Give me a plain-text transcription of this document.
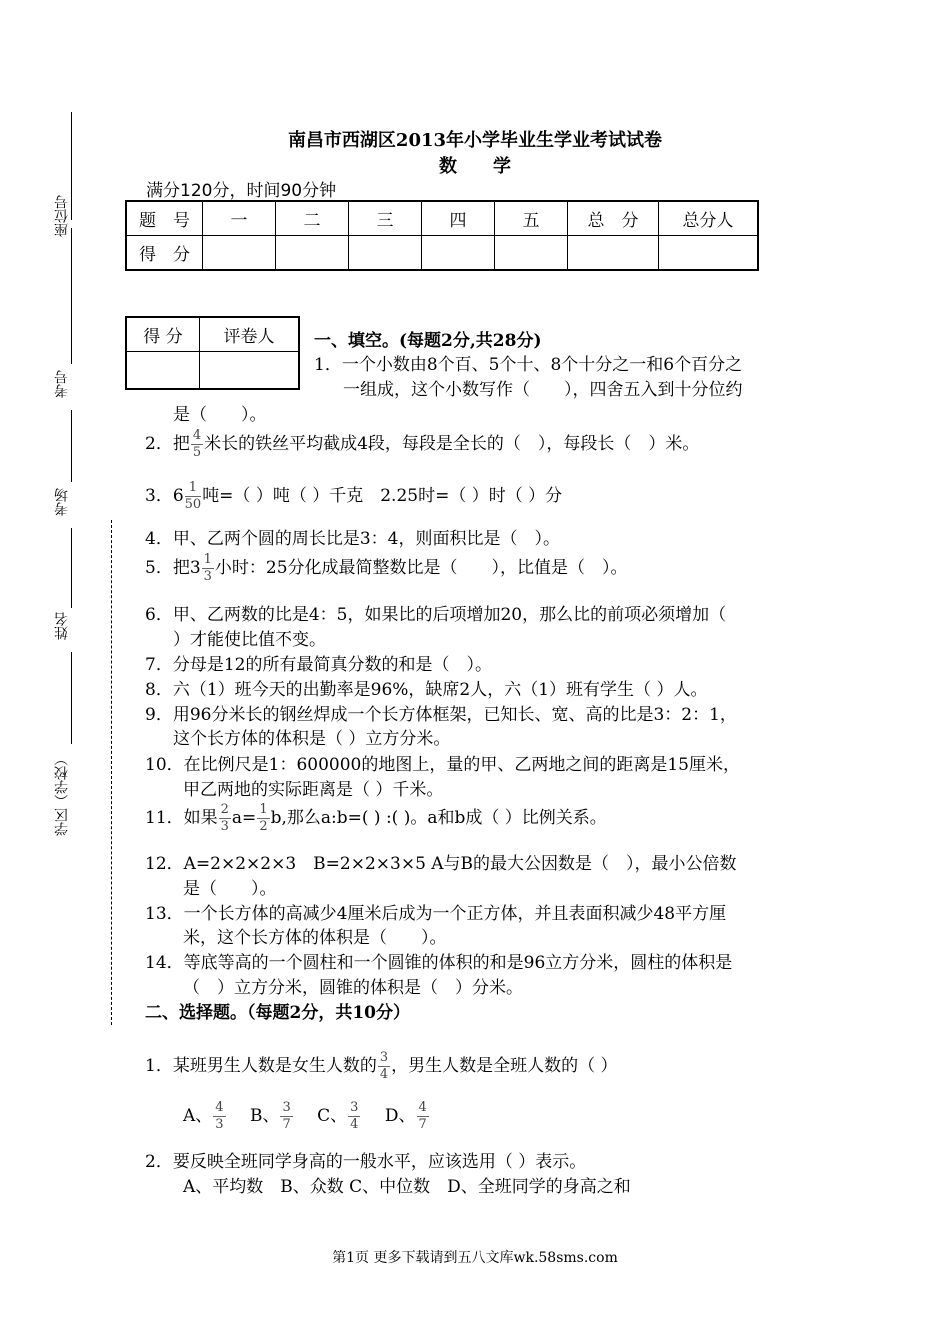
座位号
考号
考场
姓名
学区（学校）
南昌市西湖区2013年小学毕业生学业考试试卷
数　　学
满分120分，时间90分钟
题　号	一	二	三	四	五	总　分	总分人
得　分							
得 分	评卷人
	一、填空。(每题2分,共28分)
1．一个小数由8个百、5个十、8个十分之一和6个百分之
一组成，这个小数写作（　　），四舍五入到十分位约
是（　　）。
2．把 $\frac{4}{5}$ 米长的铁丝平均截成4段，每段是全长的（　），每段长（　）米。
3．$6 \frac{1}{50}$ 吨=（ ）吨（ ）千克　2.25时=（ ）时（ ）分
4．甲、乙两个圆的周长比是3：4，则面积比是（　）。
5．把$3 \frac{1}{3}$ 小时：25分化成最简整数比是（　　），比值是（　）。
6．甲、乙两数的比是4：5，如果比的后项增加20，那么比的前项必须增加（
）才能使比值不变。
7．分母是12的所有最简真分数的和是（　）。
8．六（1）班今天的出勤率是96%，缺席2人，六（1）班有学生（ ）人。
9．用96分米长的钢丝焊成一个长方体框架，已知长、宽、高的比是3：2：1，
这个长方体的体积是（ ）立方分米。
10．在比例尺是1：600000的地图上，量的甲、乙两地之间的距离是15厘米，
甲乙两地的实际距离是（ ）千米。
11．如果 $\frac{2}{3} a= \frac{1}{2} b$,那么a:b=( ) :( )。a和b成（ ）比例关系。
12．A=2×2×2×3　B=2×2×3×5 A与B的最大公因数是（　），最小公倍数
是（　　）。
13．一个长方体的高减少4厘米后成为一个正方体，并且表面积减少48平方厘
米，这个长方体的体积是（　　）。
14．等底等高的一个圆柱和一个圆锥的体积的和是96立方分米，圆柱的体积是
（　）立方分米，圆锥的体积是（　）分米。
二、选择题。（每题2分，共10分）
1．某班男生人数是女生人数的 $\frac{3}{4}$ ，男生人数是全班人数的（ ）
A、 $\frac{4}{3}$ B、 $\frac{3}{7}$ C、 $\frac{3}{4}$ D、 $\frac{4}{7}$
2．要反映全班同学身高的一般水平，应该选用（ ）表示。
A、平均数　B、众数 C、中位数　D、全班同学的身高之和
第1页 更多下载请到五八文库wk.58sms.com
